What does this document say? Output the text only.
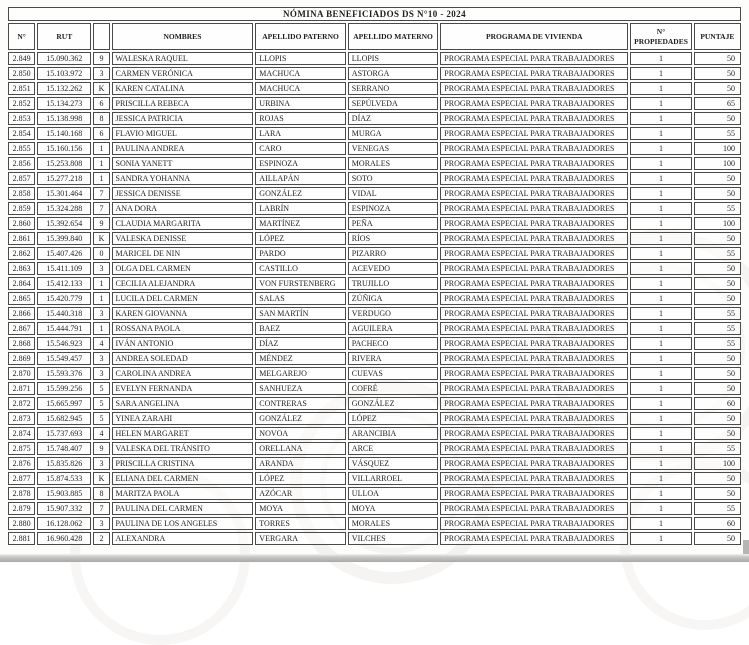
NÓMINA BENEFICIADOS DS N°10 - 2024								
N°	RUT		NOMBRES	APELLIDO PATERNO	APELLIDO MATERNO	PROGRAMA DE VIVIENDA	N° PROPIEDADES	PUNTAJE
2.849	15.090.362	9	WALESKA RAQUEL	LLOPIS	LLOPIS	PROGRAMA ESPECIAL PARA TRABAJADORES	1	50
2.850	15.103.972	3	CARMEN VERÓNICA	MACHUCA	ASTORGA	PROGRAMA ESPECIAL PARA TRABAJADORES	1	50
2.851	15.132.262	K	KAREN CATALINA	MACHUCA	SERRANO	PROGRAMA ESPECIAL PARA TRABAJADORES	1	50
2.852	15.134.273	6	PRISCILLA REBECA	URBINA	SEPÚLVEDA	PROGRAMA ESPECIAL PARA TRABAJADORES	1	65
2.853	15.138.998	8	JESSICA PATRICIA	ROJAS	DÍAZ	PROGRAMA ESPECIAL PARA TRABAJADORES	1	50
2.854	15.140.168	6	FLAVIO MIGUEL	LARA	MURGA	PROGRAMA ESPECIAL PARA TRABAJADORES	1	55
2.855	15.160.156	1	PAULINA ANDREA	CARO	VENEGAS	PROGRAMA ESPECIAL PARA TRABAJADORES	1	100
2.856	15.253.808	1	SONIA YANETT	ESPINOZA	MORALES	PROGRAMA ESPECIAL PARA TRABAJADORES	1	100
2.857	15.277.218	1	SANDRA YOHANNA	AILLAPÁN	SOTO	PROGRAMA ESPECIAL PARA TRABAJADORES	1	50
2.858	15.301.464	7	JESSICA DENISSE	GONZÁLEZ	VIDAL	PROGRAMA ESPECIAL PARA TRABAJADORES	1	50
2.859	15.324.288	7	ANA DORA	LABRÍN	ESPINOZA	PROGRAMA ESPECIAL PARA TRABAJADORES	1	55
2.860	15.392.654	9	CLAUDIA MARGARITA	MARTÍNEZ	PEÑA	PROGRAMA ESPECIAL PARA TRABAJADORES	1	100
2.861	15.399.840	K	VALESKA DENISSE	LÓPEZ	RÍOS	PROGRAMA ESPECIAL PARA TRABAJADORES	1	50
2.862	15.407.426	0	MARICEL DE NIN	PARDO	PIZARRO	PROGRAMA ESPECIAL PARA TRABAJADORES	1	55
2.863	15.411.109	3	OLGA DEL CARMEN	CASTILLO	ACEVEDO	PROGRAMA ESPECIAL PARA TRABAJADORES	1	50
2.864	15.412.133	1	CECILIA ALEJANDRA	VON FURSTENBERG	TRUJILLO	PROGRAMA ESPECIAL PARA TRABAJADORES	1	50
2.865	15.420.779	1	LUCILA DEL CARMEN	SALAS	ZÚÑIGA	PROGRAMA ESPECIAL PARA TRABAJADORES	1	50
2.866	15.440.318	3	KAREN GIOVANNA	SAN MARTÍN	VERDUGO	PROGRAMA ESPECIAL PARA TRABAJADORES	1	55
2.867	15.444.791	1	ROSSANA PAOLA	BAEZ	AGUILERA	PROGRAMA ESPECIAL PARA TRABAJADORES	1	55
2.868	15.546.923	4	IVÁN ANTONIO	DÍAZ	PACHECO	PROGRAMA ESPECIAL PARA TRABAJADORES	1	55
2.869	15.549.457	3	ANDREA SOLEDAD	MÉNDEZ	RIVERA	PROGRAMA ESPECIAL PARA TRABAJADORES	1	50
2.870	15.593.376	3	CAROLINA ANDREA	MELGAREJO	CUEVAS	PROGRAMA ESPECIAL PARA TRABAJADORES	1	50
2.871	15.599.256	5	EVELYN FERNANDA	SANHUEZA	COFRÉ	PROGRAMA ESPECIAL PARA TRABAJADORES	1	50
2.872	15.665.997	5	SARA ANGELINA	CONTRERAS	GONZÁLEZ	PROGRAMA ESPECIAL PARA TRABAJADORES	1	60
2.873	15.682.945	5	YINEA ZARAHI	GONZÁLEZ	LÓPEZ	PROGRAMA ESPECIAL PARA TRABAJADORES	1	50
2.874	15.737.693	4	HELEN MARGARET	NOVOA	ARANCIBIA	PROGRAMA ESPECIAL PARA TRABAJADORES	1	50
2.875	15.748.407	9	VALESKA DEL TRÁNSITO	ORELLANA	ARCE	PROGRAMA ESPECIAL PARA TRABAJADORES	1	55
2.876	15.835.826	3	PRISCILLA CRISTINA	ARANDA	VÁSQUEZ	PROGRAMA ESPECIAL PARA TRABAJADORES	1	100
2.877	15.874.533	K	ELIANA DEL CARMEN	LÓPEZ	VILLARROEL	PROGRAMA ESPECIAL PARA TRABAJADORES	1	50
2.878	15.903.885	8	MARITZA PAOLA	AZÓCAR	ULLOA	PROGRAMA ESPECIAL PARA TRABAJADORES	1	50
2.879	15.907.332	7	PAULINA DEL CARMEN	MOYA	MOYA	PROGRAMA ESPECIAL PARA TRABAJADORES	1	55
2.880	16.128.062	3	PAULINA DE LOS ANGELES	TORRES	MORALES	PROGRAMA ESPECIAL PARA TRABAJADORES	1	60
2.881	16.960.428	2	ALEXANDRA	VERGARA	VILCHES	PROGRAMA ESPECIAL PARA TRABAJADORES	1	50
